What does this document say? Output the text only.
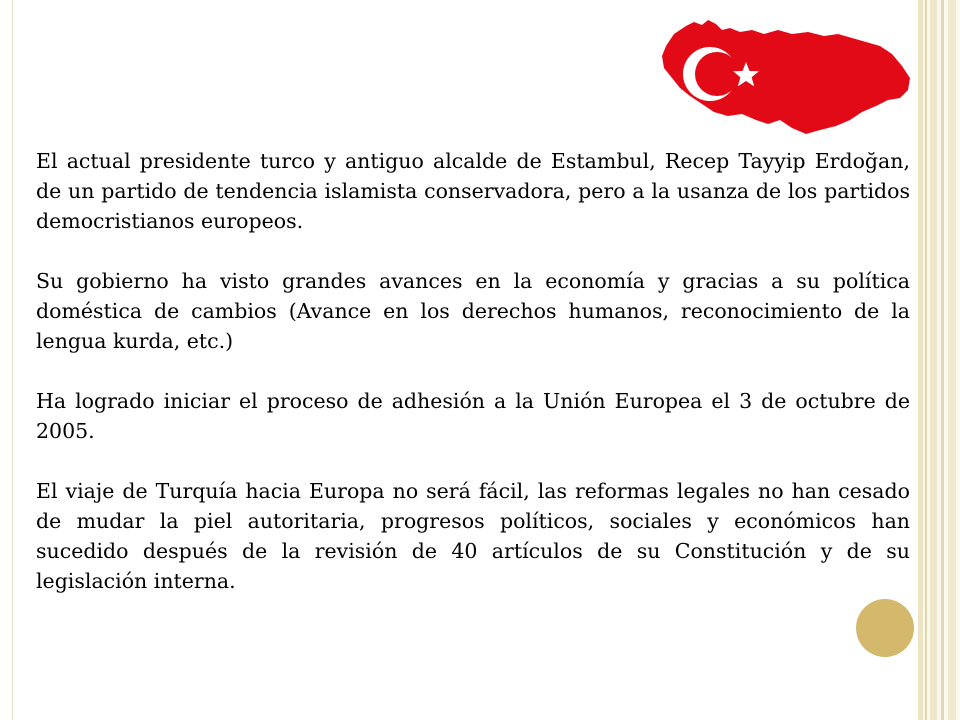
El actual presidente turco y antiguo alcalde de Estambul, Recep Tayyip Erdoğan, de un partido de tendencia islamista conservadora, pero a la usanza de los partidos democristianos europeos.

Su gobierno ha visto grandes avances en la economía y gracias a su política doméstica de cambios (Avance en los derechos humanos, reconocimiento de la lengua kurda, etc.)

Ha logrado iniciar el proceso de adhesión a la Unión Europea el 3 de octubre de 2005.

El viaje de Turquía hacia Europa no será fácil, las reformas legales no han cesado de mudar la piel autoritaria, progresos políticos, sociales y económicos han sucedido después de la revisión de 40 artículos de su Constitución y de su legislación interna.
